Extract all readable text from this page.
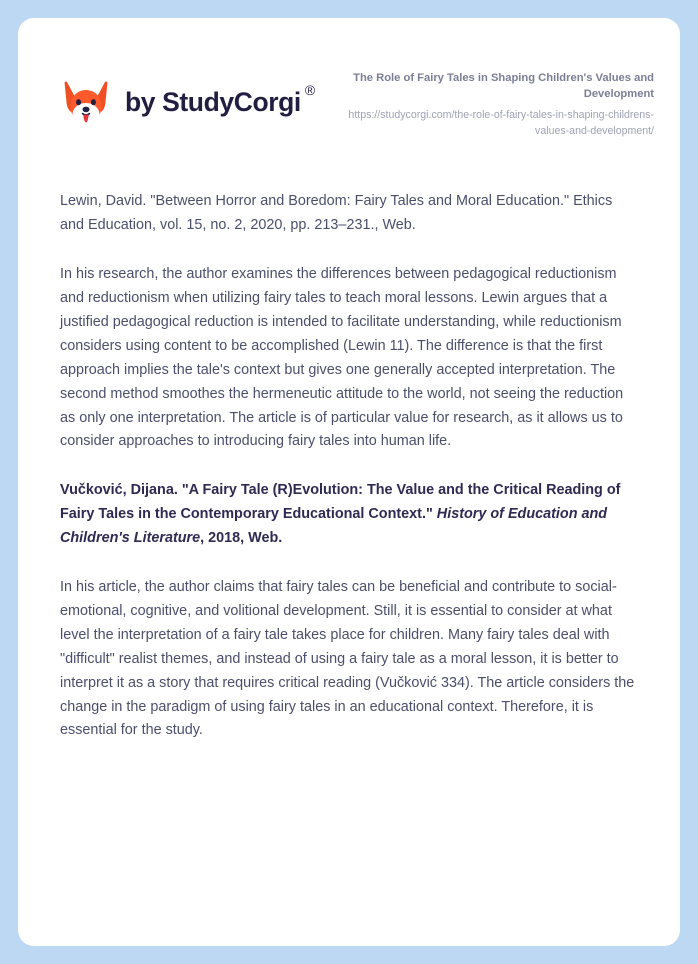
by StudyCorgi ®

The Role of Fairy Tales in Shaping Children's Values and Development

https://studycorgi.com/the-role-of-fairy-tales-in-shaping-childrens-values-and-development/

Lewin, David. "Between Horror and Boredom: Fairy Tales and Moral Education." Ethics and Education, vol. 15, no. 2, 2020, pp. 213–231., Web.

In his research, the author examines the differences between pedagogical reductionism and reductionism when utilizing fairy tales to teach moral lessons. Lewin argues that a justified pedagogical reduction is intended to facilitate understanding, while reductionism considers using content to be accomplished (Lewin 11). The difference is that the first approach implies the tale's context but gives one generally accepted interpretation. The second method smoothes the hermeneutic attitude to the world, not seeing the reduction as only one interpretation. The article is of particular value for research, as it allows us to consider approaches to introducing fairy tales into human life.

Vučković, Dijana. "A Fairy Tale (R)Evolution: The Value and the Critical Reading of Fairy Tales in the Contemporary Educational Context." History of Education and Children's Literature, 2018, Web.

In his article, the author claims that fairy tales can be beneficial and contribute to social-emotional, cognitive, and volitional development. Still, it is essential to consider at what level the interpretation of a fairy tale takes place for children. Many fairy tales deal with "difficult" realist themes, and instead of using a fairy tale as a moral lesson, it is better to interpret it as a story that requires critical reading (Vučković 334). The article considers the change in the paradigm of using fairy tales in an educational context. Therefore, it is essential for the study.
